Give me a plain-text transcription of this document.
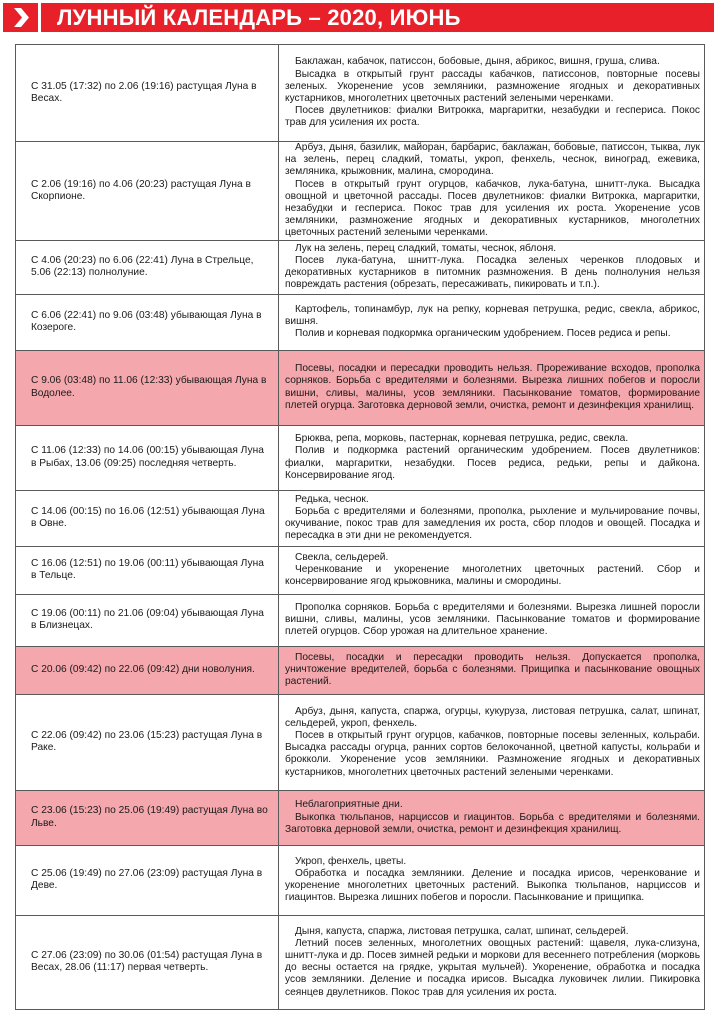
ЛУННЫЙ КАЛЕНДАРЬ – 2020, ИЮНЬ
С 31.05 (17:32) по 2.06 (19:16) растущая Луна в Весах.	Баклажан, кабачок, патиссон, бобовые, дыня, абрикос, вишня, груша, слива.
Высадка в открытый грунт рассады кабачков, патиссонов, повторные посевы зеленых. Укоренение усов земляники, размножение ягодных и декоративных кустарников, многолетних цветочных растений зелеными черенками.
Посев двулетников: фиалки Витрокка, маргаритки, незабудки и гесперисa. Покос трав для усиления их роста.

С 2.06 (19:16) по 4.06 (20:23) растущая Луна в Скорпионе.	Арбуз, дыня, базилик, майоран, барбарис, баклажан, бобовые, патиссон, тыква, лук на зелень, перец сладкий, томаты, укроп, фенхель, чеснок, виноград, ежевика, земляника, крыжовник, малина, смородина.
Посев в открытый грунт огурцов, кабачков, лука-батуна, шнитт-лука. Высадка овощной и цветочной рассады. Посев двулетников: фиалки Витрокка, маргаритки, незабудки и гесперисa. Покос трав для усиления их роста. Укоренение усов земляники, размножение ягодных и декоративных кустарников, многолетних цветочных растений зелеными черенками.

С 4.06 (20:23) по 6.06 (22:41) Луна в Стрельце, 5.06 (22:13) полнолуние.	Лук на зелень, перец сладкий, томаты, чеснок, яблоня.
Посев лука-батуна, шнитт-лука. Посадка зеленых черенков плодовых и декоративных кустарников в питомник размножения. В день полнолуния нельзя повреждать растения (обрезать, пересаживать, пикировать и т.п.).

С 6.06 (22:41) по 9.06 (03:48) убывающая Луна в Козероге.	Картофель, топинамбур, лук на репку, корневая петрушка, редис, свекла, абрикос, вишня.
Полив и корневая подкормка органическим удобрением. Посев редиса и репы.

С 9.06 (03:48) по 11.06 (12:33) убывающая Луна в Водолее.	Посевы, посадки и пересадки проводить нельзя. Прореживание всходов, прополка сорняков. Борьба с вредителями и болезнями. Вырезка лишних побегов и поросли вишни, сливы, малины, усов земляники. Пасынкование томатов, формирование плетей огурца. Заготовка дерновой земли, очистка, ремонт и дезинфекция хранилищ.

С 11.06 (12:33) по 14.06 (00:15) убывающая Луна в Рыбах, 13.06 (09:25) последняя четверть.	Брюква, репа, морковь, пастернак, корневая петрушка, редис, свекла.
Полив и подкормка растений органическим удобрением. Посев двулетников: фиалки, маргаритки, незабудки. Посев редиса, редьки, репы и дайкона. Консервирование ягод.

С 14.06 (00:15) по 16.06 (12:51) убывающая Луна в Овне.	Редька, чеснок.
Борьба с вредителями и болезнями, прополка, рыхление и мульчирование почвы, окучивание, покос трав для замедления их роста, сбор плодов и овощей. Посадка и пересадка в эти дни не рекомендуется.

С 16.06 (12:51) по 19.06 (00:11) убывающая Луна в Тельце.	Свекла, сельдерей.
Черенкование и укоренение многолетних цветочных растений. Сбор и консервирование ягод крыжовника, малины и смородины.

С 19.06 (00:11) по 21.06 (09:04) убывающая Луна в Близнецах.	Прополка сорняков. Борьба с вредителями и болезнями. Вырезка лишней поросли вишни, сливы, малины, усов земляники. Пасынкование томатов и формирование плетей огурцов. Сбор урожая на длительное хранение.

С 20.06 (09:42) по 22.06 (09:42) дни новолуния.	Посевы, посадки и пересадки проводить нельзя. Допускается прополка, уничтожение вредителей, борьба с болезнями. Прищипка и пасынкование овощных растений.

С 22.06 (09:42) по 23.06 (15:23) растущая Луна в Раке.	Арбуз, дыня, капуста, спаржа, огурцы, кукуруза, листовая петрушка, салат, шпинат, сельдерей, укроп, фенхель.
Посев в открытый грунт огурцов, кабачков, повторные посевы зеленных, кольраби. Высадка рассады огурца, ранних сортов белокочанной, цветной капусты, кольраби и брокколи. Укоренение усов земляники. Размножение ягодных и декоративных кустарников, многолетних цветочных растений зелеными черенками.

С 23.06 (15:23) по 25.06 (19:49) растущая Луна во Льве.	Неблагоприятные дни.
Выкопка тюльпанов, нарциссов и гиацинтов. Борьба с вредителями и болезнями. Заготовка дерновой земли, очистка, ремонт и дезинфекция хранилищ.

С 25.06 (19:49) по 27.06 (23:09) растущая Луна в Деве.	Укроп, фенхель, цветы.
Обработка и посадка земляники. Деление и посадка ирисов, черенкование и укоренение многолетних цветочных растений. Выкопка тюльпанов, нарциссов и гиацинтов. Вырезка лишних побегов и поросли. Пасынкование и прищипка.

С 27.06 (23:09) по 30.06 (01:54) растущая Луна в Весах, 28.06 (11:17) первая четверть.	Дыня, капуста, спаржа, листовая петрушка, салат, шпинат, сельдерей.
Летний посев зеленных, многолетних овощных растений: щавеля, лука-слизуна, шнитт-лука и др. Посев зимней редьки и моркови для весеннего потребления (морковь до весны остается на грядке, укрытая мульчей). Укоренение, обработка и посадка усов земляники. Деление и посадка ирисов. Высадка луковичек лилии. Пикировка сеянцев двулетников. Покос трав для усиления их роста.
